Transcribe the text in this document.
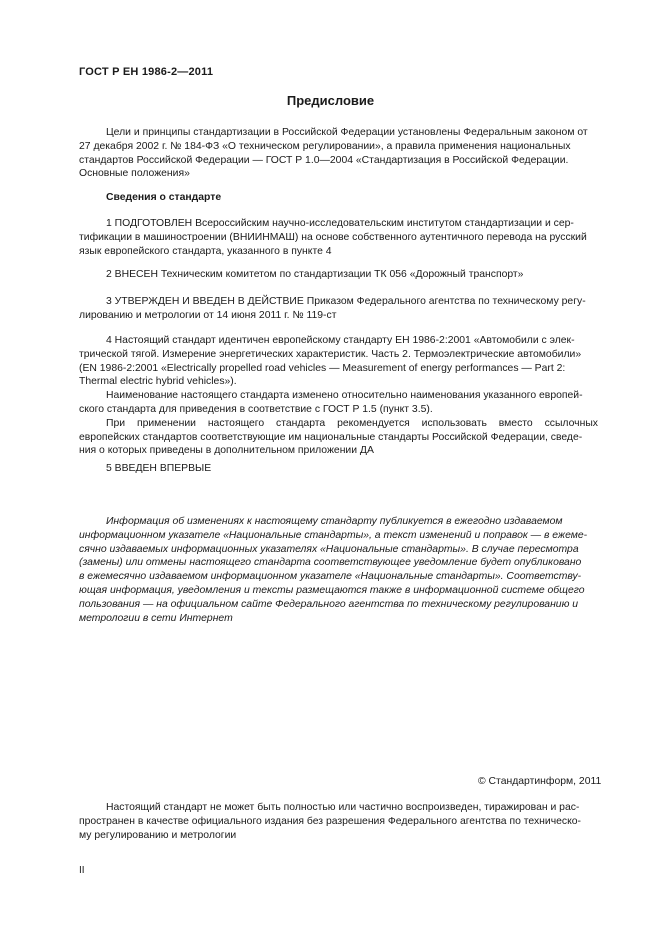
ГОСТ Р ЕН 1986-2—2011
Предисловие
Цели и принципы стандартизации в Российской Федерации установлены Федеральным законом от
27 декабря 2002 г. № 184-ФЗ «О техническом регулировании», а правила применения национальных
стандартов Российской Федерации — ГОСТ Р 1.0—2004 «Стандартизация в Российской Федерации.
Основные положения»
Сведения о стандарте
1 ПОДГОТОВЛЕН Всероссийским научно-исследовательским институтом стандартизации и сер-
тификации в машиностроении (ВНИИНМАШ) на основе собственного аутентичного перевода на русский
язык европейского стандарта, указанного в пункте 4
2 ВНЕСЕН Техническим комитетом по стандартизации ТК 056 «Дорожный транспорт»
3 УТВЕРЖДЕН И ВВЕДЕН В ДЕЙСТВИЕ Приказом Федерального агентства по техническому регу-
лированию и метрологии от 14 июня 2011 г. № 119-ст
4 Настоящий стандарт идентичен европейскому стандарту ЕН 1986-2:2001 «Автомобили с элек-
трической тягой. Измерение энергетических характеристик. Часть 2. Термоэлектрические автомобили»
(EN 1986-2:2001 «Electrically propelled road vehicles — Measurement of energy performances — Part 2:
Thermal electric hybrid vehicles»).
Наименование настоящего стандарта изменено относительно наименования указанного европей-
ского стандарта для приведения в соответствие с ГОСТ Р 1.5 (пункт 3.5).
При применении настоящего стандарта рекомендуется использовать вместо ссылочных
европейских стандартов соответствующие им национальные стандарты Российской Федерации, сведе-
ния о которых приведены в дополнительном приложении ДА
5 ВВЕДЕН ВПЕРВЫЕ
Информация об изменениях к настоящему стандарту публикуется в ежегодно издаваемом
информационном указателе «Национальные стандарты», а текст изменений и поправок — в ежеме-
сячно издаваемых информационных указателях «Национальные стандарты». В случае пересмотра
(замены) или отмены настоящего стандарта соответствующее уведомление будет опубликовано
в ежемесячно издаваемом информационном указателе «Национальные стандарты». Соответству-
ющая информация, уведомления и тексты размещаются также в информационной системе общего
пользования — на официальном сайте Федерального агентства по техническому регулированию и
метрологии в сети Интернет
© Стандартинформ, 2011
Настоящий стандарт не может быть полностью или частично воспроизведен, тиражирован и рас-
пространен в качестве официального издания без разрешения Федерального агентства по техническо-
му регулированию и метрологии
II
